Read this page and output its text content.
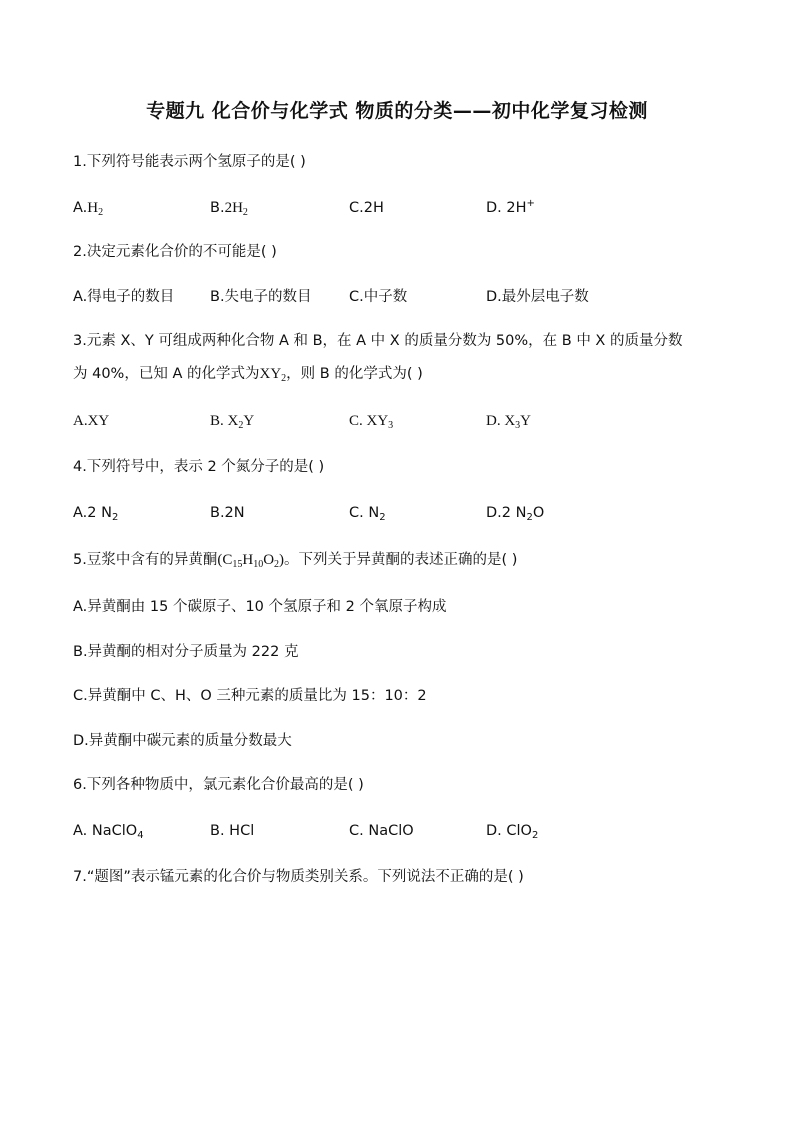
专题九 化合价与化学式 物质的分类——初中化学复习检测
1.下列符号能表示两个氢原子的是( )
$A.H_2$	$B.2H_2$	C.2H	D. 2H+
2.决定元素化合价的不可能是( )
A.得电子的数目 B.失电子的数目	C.中子数	D.最外层电子数
3.元素 X、Y 可组成两种化合物 A 和 B，在 A 中 X 的质量分数为 50%，在 B 中 X 的质量分数
为 40%，已知 A 的化学式为$XY_2$，则 B 的化学式为( )
A.XY	B. $X_2Y$	C. $XY_3$	D. $X_3Y$
4.下列符号中，表示 2 个氮分子的是( )
A.2 $N_2$	B.2N	C. $N_2$	D.2 $N_2O$
5.豆浆中含有的异黄酮$(C_{15}H_{10}O_2)$。下列关于异黄酮的表述正确的是( )
A.异黄酮由 15 个碳原子、10 个氢原子和 2 个氧原子构成
B.异黄酮的相对分子质量为 222 克
C.异黄酮中 C、H、O 三种元素的质量比为 15：10：2
D.异黄酮中碳元素的质量分数最大
6.下列各种物质中，氯元素化合价最高的是( )
A. NaClO$_4$	B. HCl	C. NaClO	D. ClO$_2$
7.“题图”表示锰元素的化合价与物质类别关系。下列说法不正确的是( )
